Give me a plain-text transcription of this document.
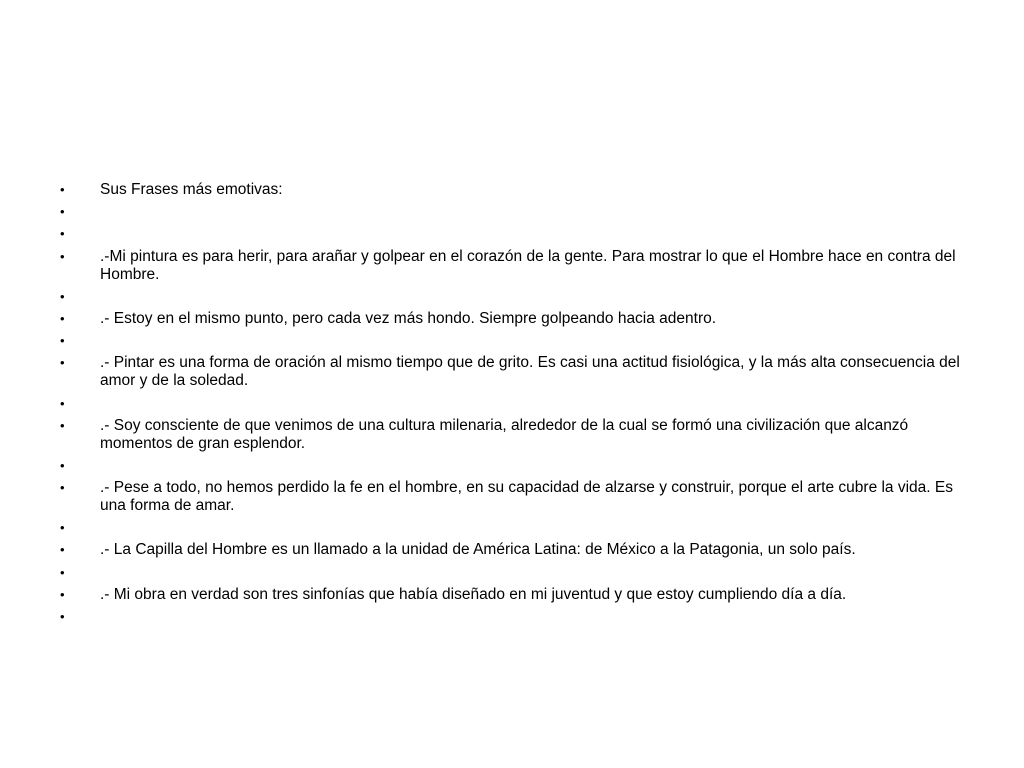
•	Sus Frases más emotivas:
•
•
•	.-Mi pintura es para herir, para arañar y golpear en el corazón de la gente. Para mostrar lo que el Hombre hace en contra del Hombre.
•
•	.- Estoy en el mismo punto, pero cada vez más hondo. Siempre golpeando hacia adentro.
•
•	.- Pintar es una forma de oración al mismo tiempo que de grito. Es casi una actitud fisiológica, y la más alta consecuencia del amor y de la soledad.
•
•	.- Soy consciente de que venimos de una cultura milenaria, alrededor de la cual se formó una civilización que alcanzó momentos de gran esplendor.
•
•	.- Pese a todo, no hemos perdido la fe en el hombre, en su capacidad de alzarse y construir, porque el arte cubre la vida. Es una forma de amar.
•
•	.- La Capilla del Hombre es un llamado a la unidad de América Latina: de México a la Patagonia, un solo país.
•
•	.- Mi obra en verdad son tres sinfonías que había diseñado en mi juventud y que estoy cumpliendo día a día.
•
